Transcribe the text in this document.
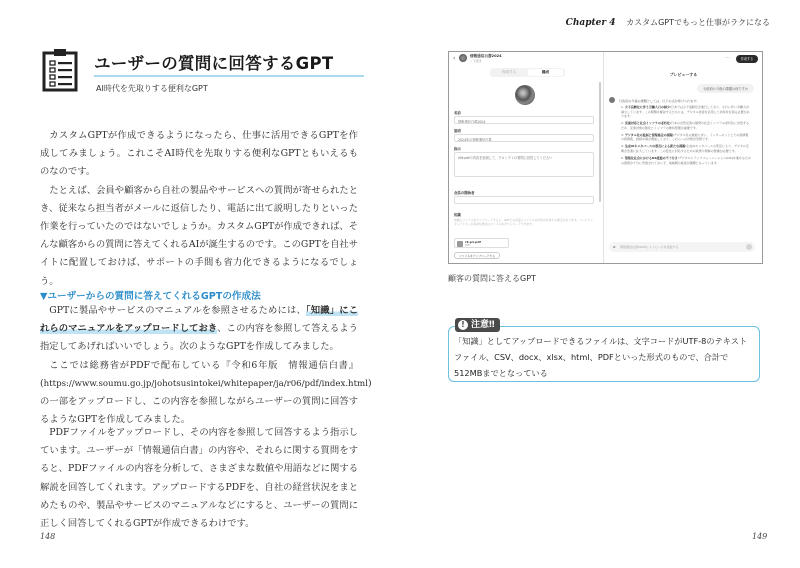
ユーザーの質問に回答するGPT
AI時代を先取りする便利なGPT

カスタムGPTが作成できるようになったら、仕事に活用できるGPTを作成してみましょう。これこそAI時代を先取りする便利なGPTともいえるものなのです。

たとえば、会員や顧客から自社の製品やサービスへの質問が寄せられたとき、従来なら担当者がメールに返信したり、電話に出て説明したりといった作業を行っていたのではないでしょうか。カスタムGPTが作成できれば、そんな顧客からの質問に答えてくれるAIが誕生するのです。このGPTを自社サイトに配置しておけば、サポートの手間も省力化できるようになるでしょう。

▼ユーザーからの質問に答えてくれるGPTの作成法

GPTに製品やサービスのマニュアルを参照させるためには、「知識」にこれらのマニュアルをアップロードしておき、この内容を参照して答えるよう指定してあげればいいでしょう。次のようなGPTを作成してみました。

ここでは総務省がPDFで配布している『令和6年版　情報通信白書』(https://www.soumu.go.jp/johotsusintokei/whitepaper/ja/r06/pdf/index.html)の一部をアップロードし、この内容を参照しながらユーザーの質問に回答するようなGPTを作成してみました。

PDFファイルをアップロードし、その内容を参照して回答するよう指示しています。ユーザーが「情報通信白書」の内容や、それらに関する質問をすると、PDFファイルの内容を分析して、さまざまな数値や用語などに関する解説を回答してくれます。アップロードするPDFを、自社の経営状況をまとめたものや、製品やサービスのマニュアルなどにすると、ユーザーの質問に正しく回答してくれるGPTが作成できるわけです。

148
Chapter 4 カスタムGPTでもっと仕事がラクになる
‹	情報通信白書2024
• 下書き
作成する	構成
名前
情報通信白書2024
説明
2024年の情報通信白書
指示
r06.pdfの内容を参照して、プロンプトの質問に回答してください
会話の開始者
知識
知識にファイルをアップロードすると、GPTとの会話にファイルの内容が含まれる場合があります。コードインタープリターが有効な場合はファイルをダウンロードできます。
r6-p1.pdf
PDF
ファイルをアップロードする
···	作成する
プレビューする
行政府の今後の課題は何ですか
行政府の今後の課題としては、以下の点が挙げられます:
1. 少子高齢化に伴う労働人口の減少:日本では少子高齢化が進行しており、それに伴い労働力が減少しています。この問題を解決するためには、デジタル技術を活用して効率化を図る必要があります。
2. 災害対応と社会インフラの老朽化:日本の自然災害の頻発や社会インフラの老朽化に対処するため、災害対策の強化とインフラの維持管理が重要です。
3. デジタル化の進展と情報格差の課題:デジタル化の進展に伴い、インターネット上での偽情報や誤情報、誹謗中傷が増加しており、これらへの対策が急務です。
4. 生成AIやメタバースの普及による新たな課題:生成AIやメタバースの普及により、デジタル空間が急速に拡大しています。この変化に対応するための政策や規制の整備が必要です。
5. 情報化社会におけるDX推進の不十分さ:デジタルトランスフォーメーション(DX)を進めるための施策が十分に実施されておらず、地域間の格差が課題となっています。
⌀ 情報通信白書2024にメッセージを送信する
顧客の質問に答えるGPT
! 注意‼
「知識」としてアップロードできるファイルは、文字コードがUTF-8のテキストファイル、CSV、docx、xlsx、html、PDFといった形式のもので、合計で512MBまでとなっている
149
